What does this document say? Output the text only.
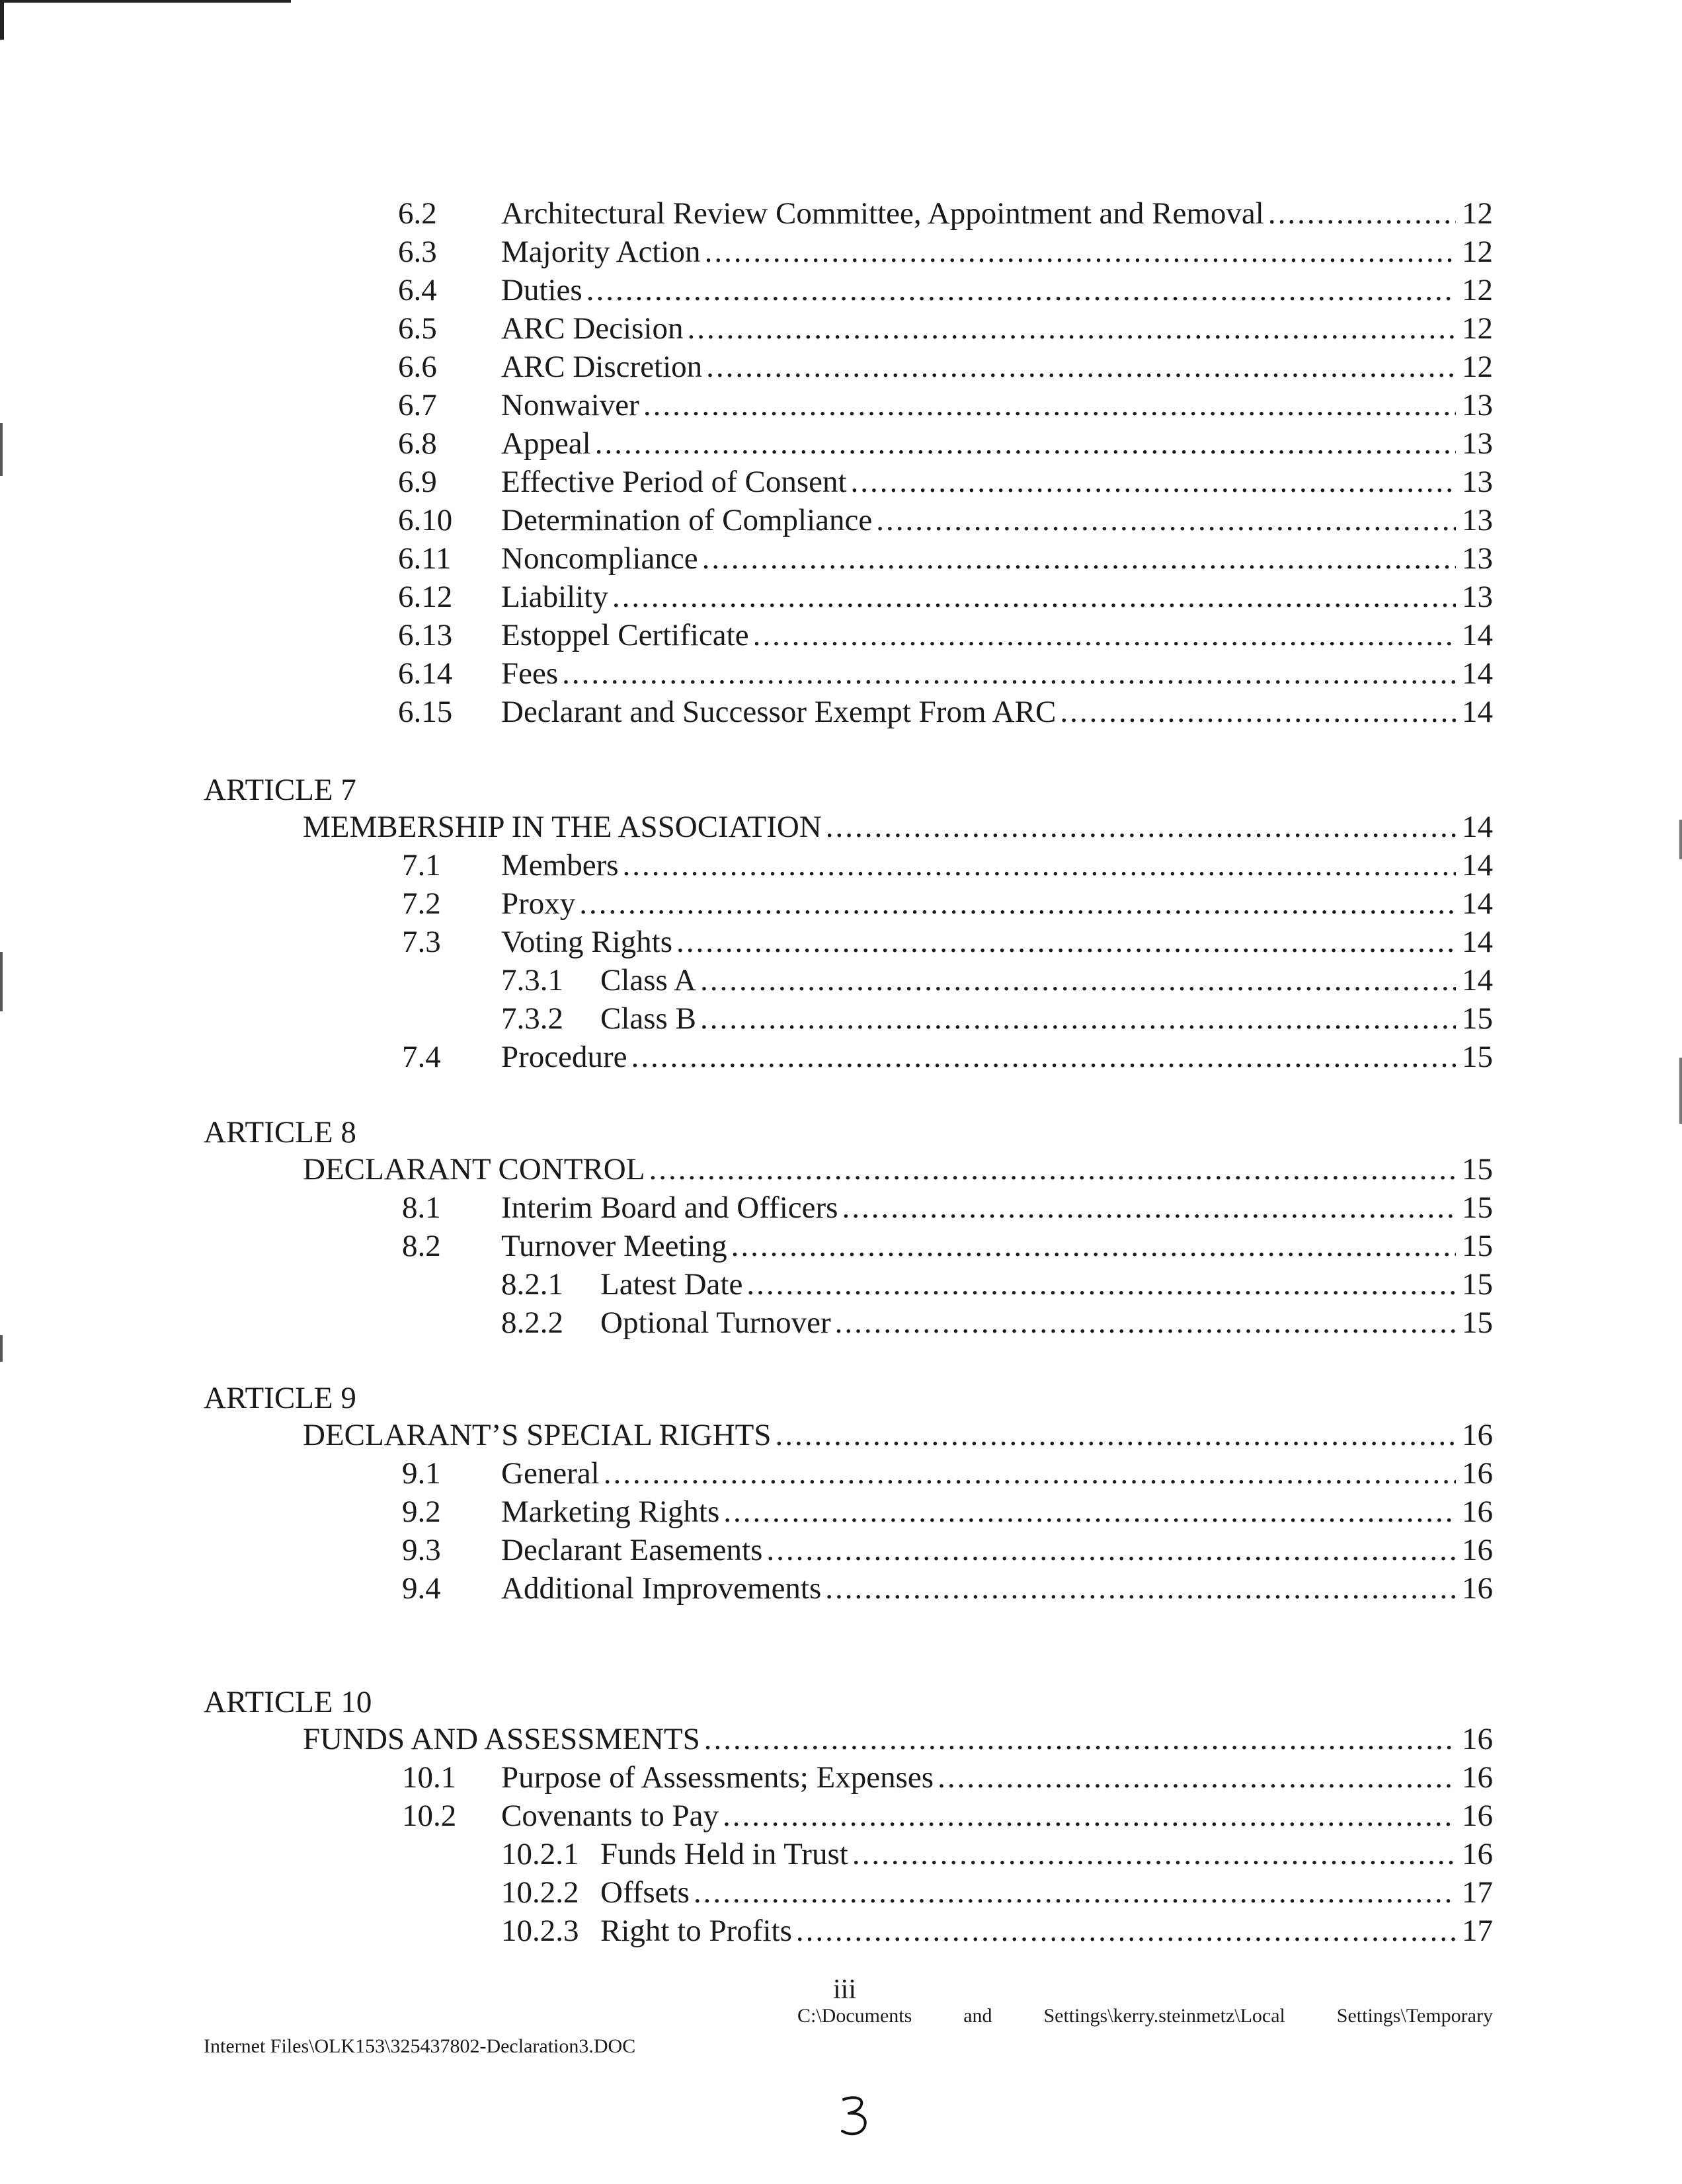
6.2 Architectural Review Committee, Appointment and Removal .....	12
6.3 Majority Action .....	12
6.4 Duties .....	12
6.5 ARC Decision .....	12
6.6 ARC Discretion .....	12
6.7 Nonwaiver .....	13
6.8 Appeal .....	13
6.9 Effective Period of Consent .....	13
6.10 Determination of Compliance .....	13
6.11 Noncompliance .....	13
6.12 Liability .....	13
6.13 Estoppel Certificate .....	14
6.14 Fees .....	14
6.15 Declarant and Successor Exempt From ARC .....	14
ARTICLE 7
MEMBERSHIP IN THE ASSOCIATION .....	14
7.1 Members .....	14
7.2 Proxy .....	14
7.3 Voting Rights .....	14
7.3.1 Class A .....	14
7.3.2 Class B .....	15
7.4 Procedure .....	15
ARTICLE 8
DECLARANT CONTROL .....	15
8.1 Interim Board and Officers .....	15
8.2 Turnover Meeting .....	15
8.2.1 Latest Date .....	15
8.2.2 Optional Turnover .....	15
ARTICLE 9
DECLARANT’S SPECIAL RIGHTS .....	16
9.1 General .....	16
9.2 Marketing Rights .....	16
9.3 Declarant Easements .....	16
9.4 Additional Improvements .....	16
ARTICLE 10
FUNDS AND ASSESSMENTS .....	16
10.1 Purpose of Assessments; Expenses .....	16
10.2 Covenants to Pay .....	16
10.2.1 Funds Held in Trust .....	16
10.2.2 Offsets .....	17
10.2.3 Right to Profits .....	17
iii
C:\Documents	and	Settings\kerry.steinmetz\Local	Settings\Temporary
Internet Files\OLK153\325437802-Declaration3.DOC
